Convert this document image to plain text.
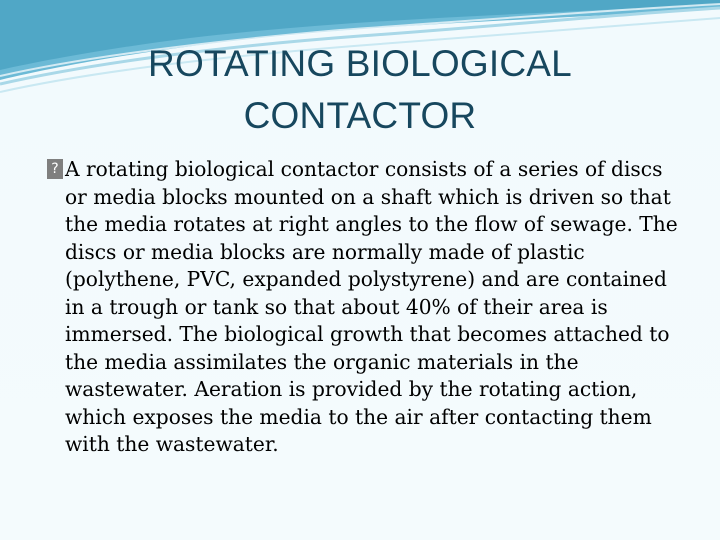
ROTATING BIOLOGICAL
CONTACTOR

? A rotating biological contactor consists of a series of discs or media blocks mounted on a shaft which is driven so that the media rotates at right angles to the flow of sewage. The discs or media blocks are normally made of plastic (polythene, PVC, expanded polystyrene) and are contained in a trough or tank so that about 40% of their area is immersed. The biological growth that becomes attached to the media assimilates the organic materials in the wastewater. Aeration is provided by the rotating action, which exposes the media to the air after contacting them with the wastewater.
